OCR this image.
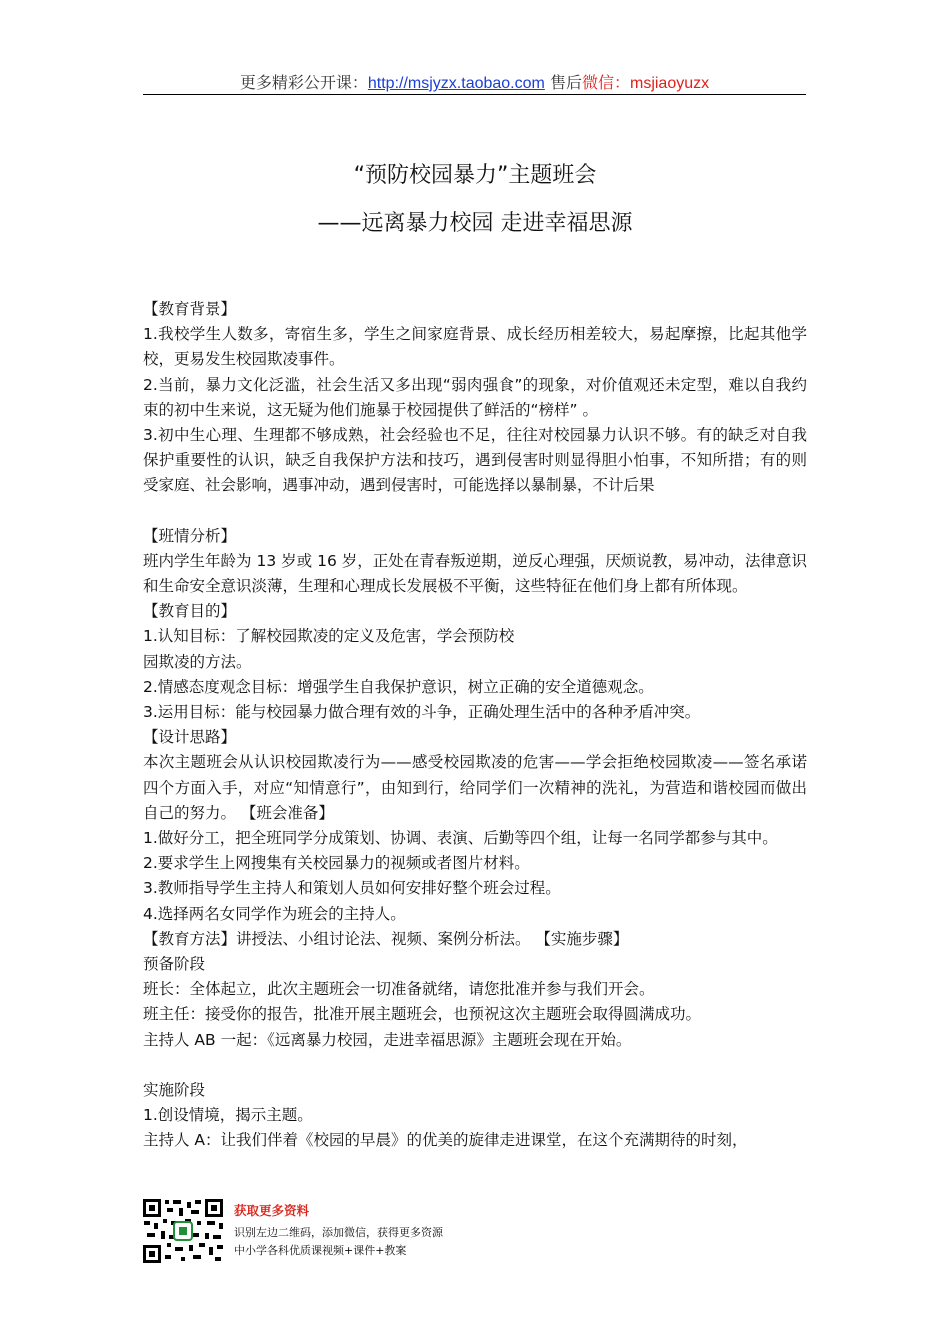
更多精彩公开课：http://msjyzx.taobao.com 售后微信：msjiaoyuzx
“预防校园暴力”主题班会
——远离暴力校园 走进幸福思源

【教育背景】

1.我校学生人数多，寄宿生多，学生之间家庭背景、成长经历相差较大，易起摩擦，比起其他学校，更易发生校园欺凌事件。

2.当前，暴力文化泛滥，社会生活又多出现“弱肉强食”的现象，对价值观还未定型，难以自我约束的初中生来说，这无疑为他们施暴于校园提供了鲜活的“榜样” 。

3.初中生心理、生理都不够成熟，社会经验也不足，往往对校园暴力认识不够。有的缺乏对自我保护重要性的认识，缺乏自我保护方法和技巧，遇到侵害时则显得胆小怕事，不知所措；有的则受家庭、社会影响，遇事冲动，遇到侵害时，可能选择以暴制暴，不计后果

【班情分析】

班内学生年龄为 13 岁或 16 岁，正处在青春叛逆期，逆反心理强，厌烦说教，易冲动，法律意识和生命安全意识淡薄，生理和心理成长发展极不平衡，这些特征在他们身上都有所体现。

【教育目的】

1.认知目标：了解校园欺凌的定义及危害，学会预防校

园欺凌的方法。

2.情感态度观念目标：增强学生自我保护意识，树立正确的安全道德观念。

3.运用目标：能与校园暴力做合理有效的斗争，正确处理生活中的各种矛盾冲突。

【设计思路】

本次主题班会从认识校园欺凌行为——感受校园欺凌的危害——学会拒绝校园欺凌——签名承诺四个方面入手，对应“知情意行”，由知到行，给同学们一次精神的洗礼，为营造和谐校园而做出自己的努力。 【班会准备】

1.做好分工，把全班同学分成策划、协调、表演、后勤等四个组，让每一名同学都参与其中。

2.要求学生上网搜集有关校园暴力的视频或者图片材料。

3.教师指导学生主持人和策划人员如何安排好整个班会过程。

4.选择两名女同学作为班会的主持人。

【教育方法】讲授法、小组讨论法、视频、案例分析法。 【实施步骤】

预备阶段

班长：全体起立，此次主题班会一切准备就绪，请您批准并参与我们开会。

班主任：接受你的报告，批准开展主题班会，也预祝这次主题班会取得圆满成功。

主持人 AB 一起：《远离暴力校园，走进幸福思源》主题班会现在开始。

实施阶段

1.创设情境，揭示主题。

主持人 A：让我们伴着《校园的早晨》的优美的旋律走进课堂，在这个充满期待的时刻，

获取更多资料
识别左边二维码，添加微信，获得更多资源
中小学各科优质课视频+课件+教案
